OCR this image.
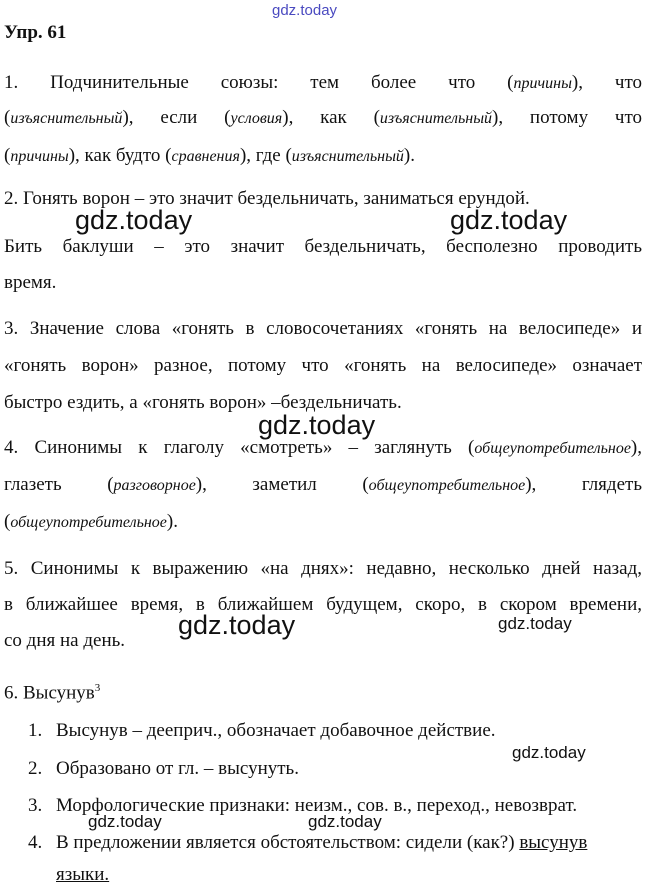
gdz.today
gdz.today	gdz.today
gdz.today
gdz.today	gdz.today
gdz.today
gdz.today	gdz.today
Упр. 61
1. Подчинительные союзы: тем более что (причины), что
(изъяснительный), если (условия), как (изъяснительный), потому что
(причины), как будто (сравнения), где (изъяснительный).
2. Гонять ворон – это значит бездельничать, заниматься ерундой.
Бить баклуши – это значит бездельничать, бесполезно проводить
время.
3. Значение слова «гонять в словосочетаниях «гонять на велосипеде» и
«гонять ворон» разное, потому что «гонять на велосипеде» означает
быстро ездить, а «гонять ворон» –бездельничать.
4. Синонимы к глаголу «смотреть» – заглянуть (общеупотребительное),
глазеть (разговорное), заметил (общеупотребительное), глядеть
(общеупотребительное).
5. Синонимы к выражению «на днях»: недавно, несколько дней назад,
в ближайшее время, в ближайшем будущем, скоро, в скором времени,
со дня на день.
6. Высунув$^3$
1. Высунув – дееприч., обозначает добавочное действие.
2. Образовано от гл. – высунуть.
3. Морфологические признаки: неизм., сов. в., переход., невозврат.
4. В предложении является обстоятельством: сидели (как?) высунув
языки.
